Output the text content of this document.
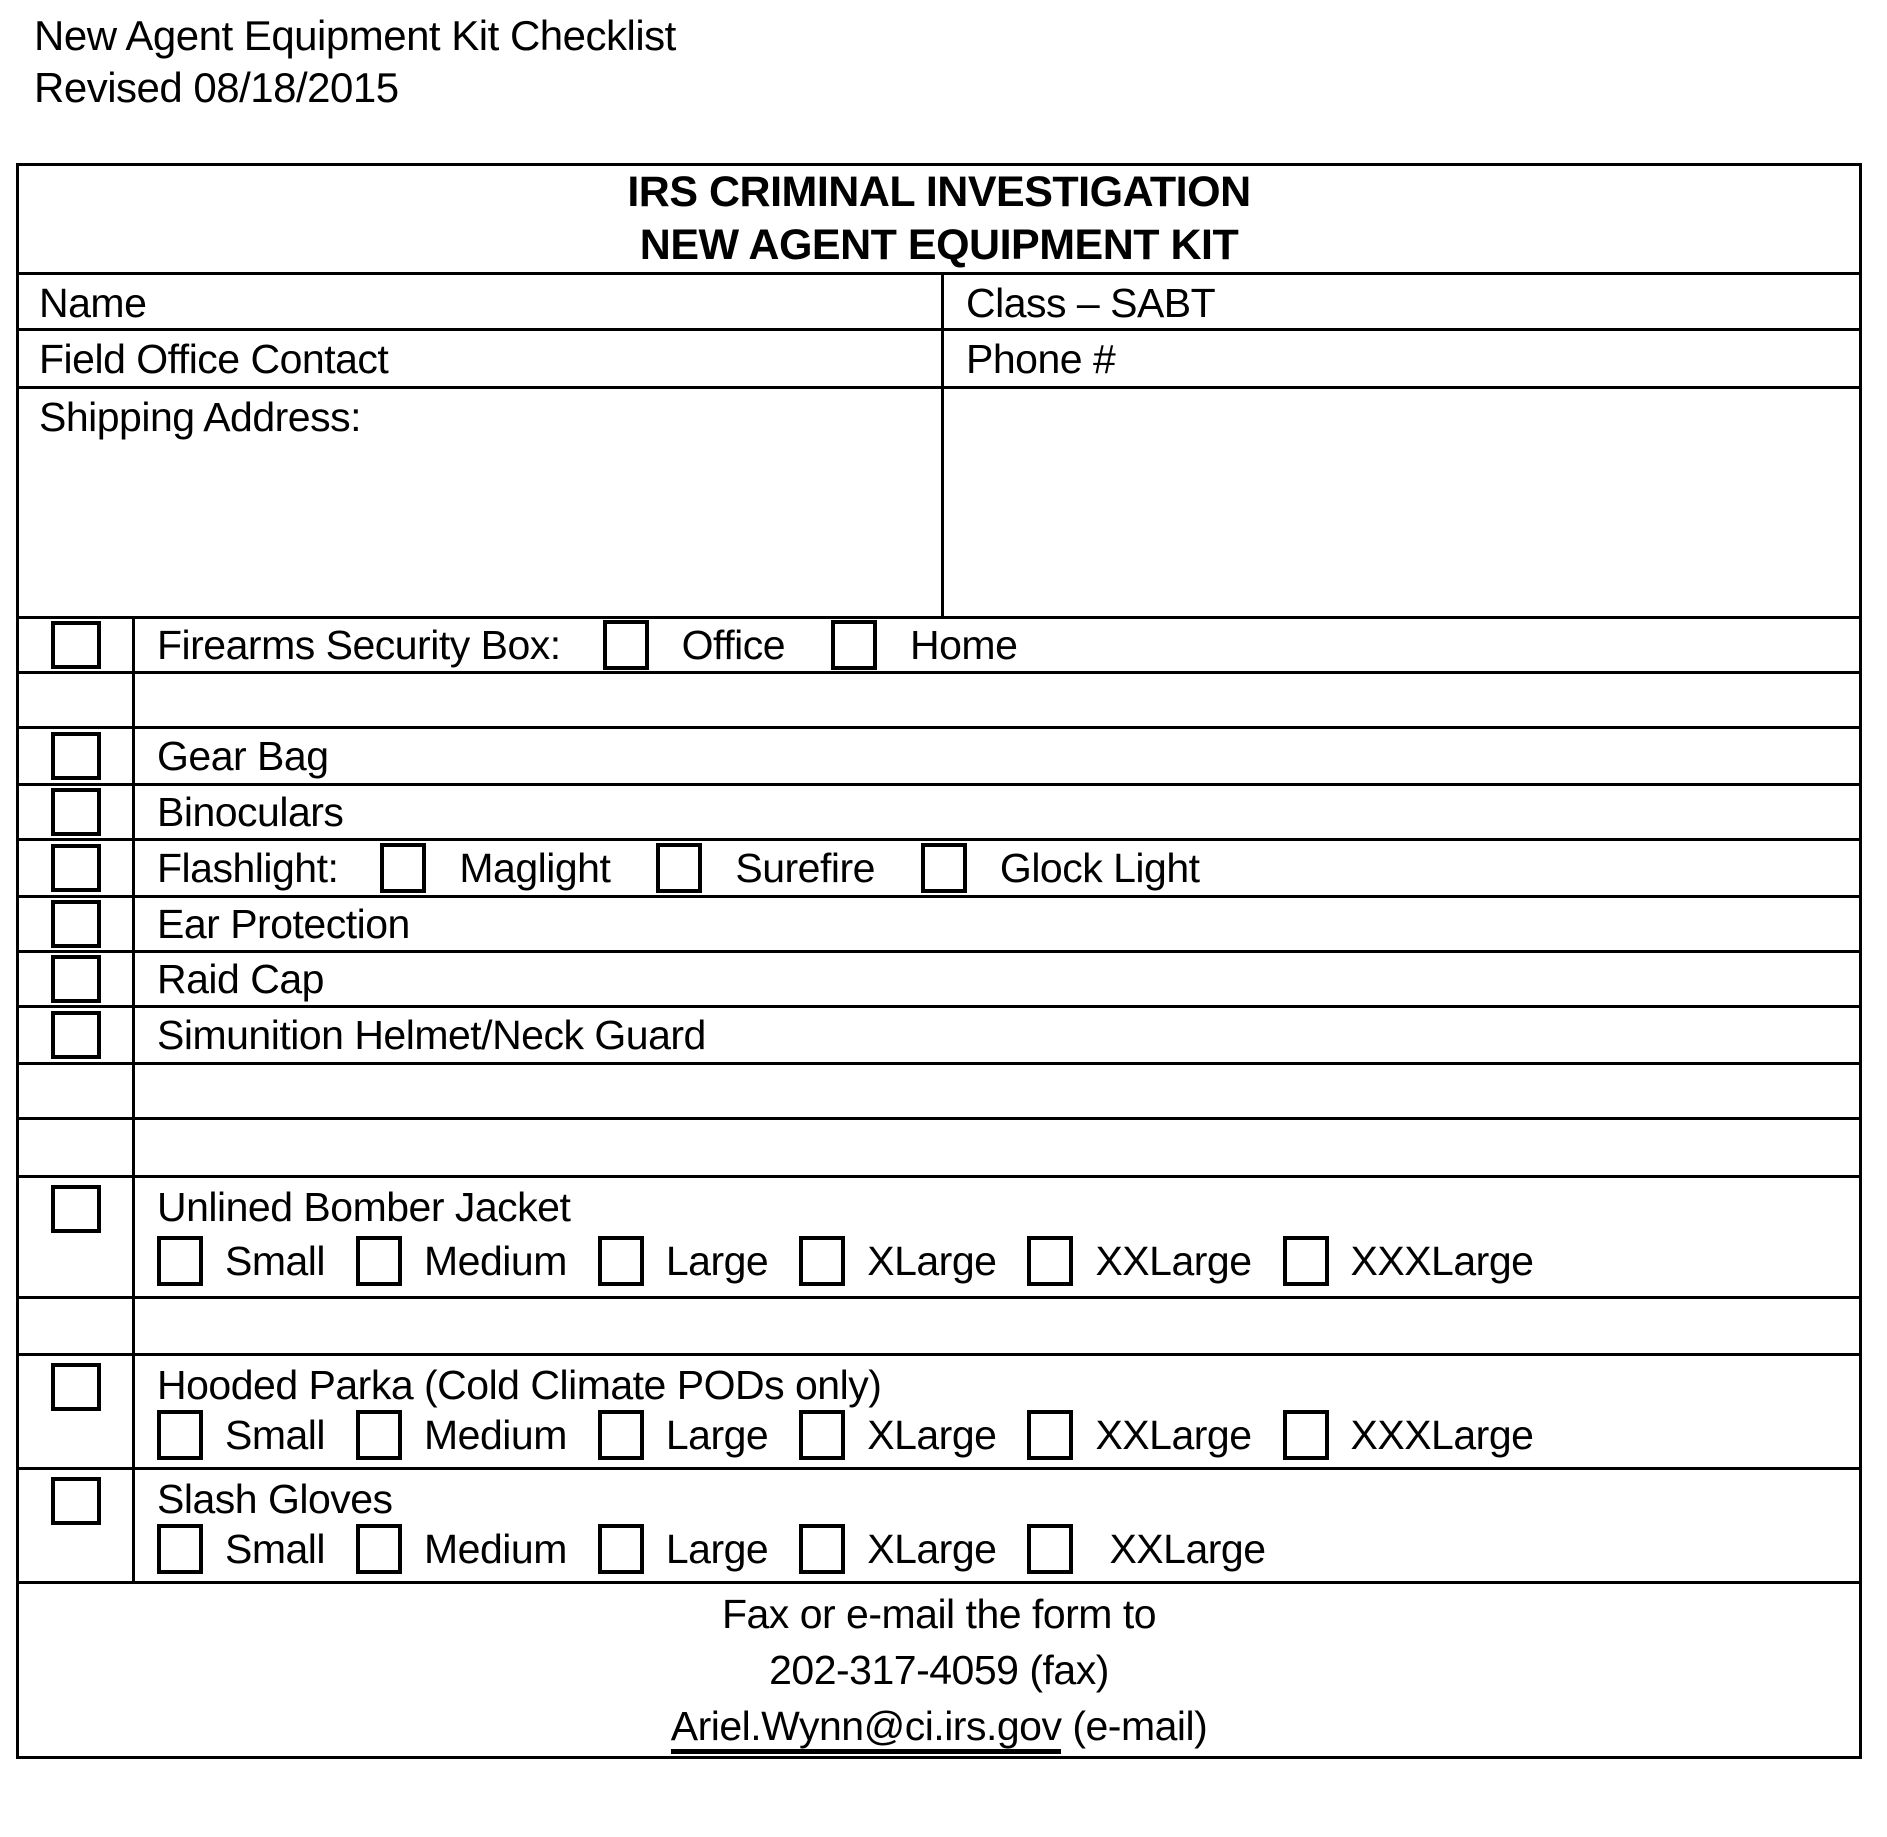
New Agent Equipment Kit Checklist
Revised 08/18/2015
IRS CRIMINAL INVESTIGATION
NEW AGENT EQUIPMENT KIT
Name	Class – SABT
Field Office Contact	Phone #
Shipping Address:
Firearms Security Box:	Office	Home
Gear Bag
Binoculars
Flashlight:	Maglight	Surefire	Glock Light
Ear Protection
Raid Cap
Simunition Helmet/Neck Guard
Unlined Bomber Jacket
Small Medium Large XLarge XXLarge XXXLarge
Hooded Parka (Cold Climate PODs only)
Small Medium Large XLarge XXLarge XXXLarge
Slash Gloves
Small Medium Large XLarge	XXLarge
Fax or e-mail the form to
202-317-4059 (fax)
Ariel.Wynn@ci.irs.gov (e-mail)
